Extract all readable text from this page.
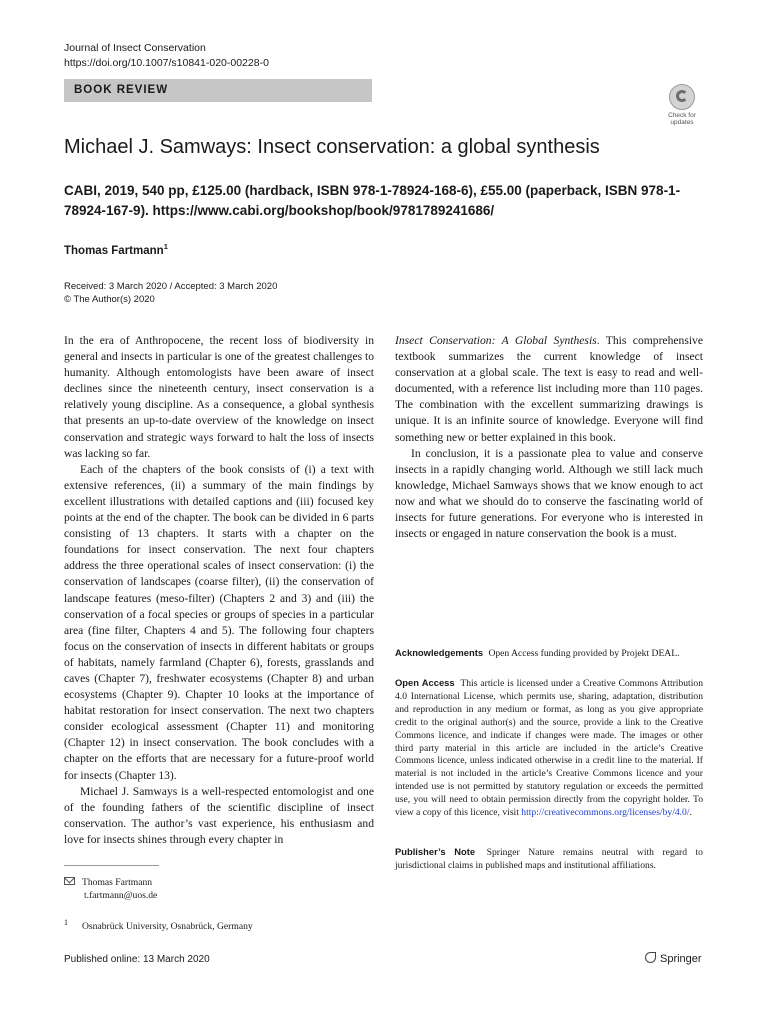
Journal of Insect Conservation
https://doi.org/10.1007/s10841-020-00228-0
BOOK REVIEW
Check for
updates
Michael J. Samways: Insect conservation: a global synthesis
CABI, 2019, 540 pp, £125.00 (hardback, ISBN 978-1-78924-168-6), £55.00 (paperback, ISBN 978-1-78924-167-9). https://www.cabi.org/bookshop/book/9781789241686/
Thomas Fartmann$^1$
Received: 3 March 2020 / Accepted: 3 March 2020
© The Author(s) 2020

In the era of Anthropocene, the recent loss of biodiversity in general and insects in particular is one of the greatest challenges to humanity. Although entomologists have been aware of insect declines since the nineteenth century, insect conservation is a relatively young discipline. As a consequence, a global synthesis that presents an up-to-date overview of the knowledge on insect conservation and strategic ways forward to halt the loss of insects was lacking so far.

Each of the chapters of the book consists of (i) a text with extensive references, (ii) a summary of the main findings by excellent illustrations with detailed captions and (iii) focused key points at the end of the chapter. The book can be divided in 6 parts consisting of 13 chapters. It starts with a chapter on the foundations for insect conservation. The next four chapters address the three operational scales of insect conservation: (i) the conservation of landscapes (coarse filter), (ii) the conservation of landscape features (meso-filter) (Chapters 2 and 3) and (iii) the conservation of a focal species or groups of species in a particular area (fine filter, Chapters 4 and 5). The following four chapters focus on the conservation of insects in different habitats or groups of habitats, namely farmland (Chapter 6), forests, grasslands and caves (Chapter 7), freshwater ecosystems (Chapter 8) and urban ecosystems (Chapter 9). Chapter 10 looks at the importance of habitat restoration for insect conservation. The next two chapters consider ecological assessment (Chapter 11) and monitoring (Chapter 12) in insect conservation. The book concludes with a chapter on the efforts that are necessary for a future-proof world for insects (Chapter 13).

Michael J. Samways is a well-respected entomologist and one of the founding fathers of the scientific discipline of insect conservation. The author’s vast experience, his enthusiasm and love for insects shines through every chapter in

Insect Conservation: A Global Synthesis. This comprehensive textbook summarizes the current knowledge of insect conservation at a global scale. The text is easy to read and well-documented, with a reference list including more than 110 pages. The combination with the excellent summarizing drawings is unique. It is an infinite source of knowledge. Everyone will find something new or better explained in this book.

In conclusion, it is a passionate plea to value and conserve insects in a rapidly changing world. Although we still lack much knowledge, Michael Samways shows that we know enough to act now and what we should do to conserve the fascinating world of insects for future generations. For everyone who is interested in insects or engaged in nature conservation the book is a must.

Acknowledgements Open Access funding provided by Projekt DEAL.
Open Access This article is licensed under a Creative Commons Attribution 4.0 International License, which permits use, sharing, adaptation, distribution and reproduction in any medium or format, as long as you give appropriate credit to the original author(s) and the source, provide a link to the Creative Commons licence, and indicate if changes were made. The images or other third party material in this article are included in the article’s Creative Commons licence, unless indicated otherwise in a credit line to the material. If material is not included in the article’s Creative Commons licence and your intended use is not permitted by statutory regulation or exceeds the permitted use, you will need to obtain permission directly from the copyright holder. To view a copy of this licence, visit http://creativecommons.org/licenses/by/4.0/.
Publisher’s Note Springer Nature remains neutral with regard to jurisdictional claims in published maps and institutional affiliations.
Thomas Fartmann
t.fartmann@uos.de
$^1$ Osnabrück University, Osnabrück, Germany
Published online: 13 March 2020	Springer
